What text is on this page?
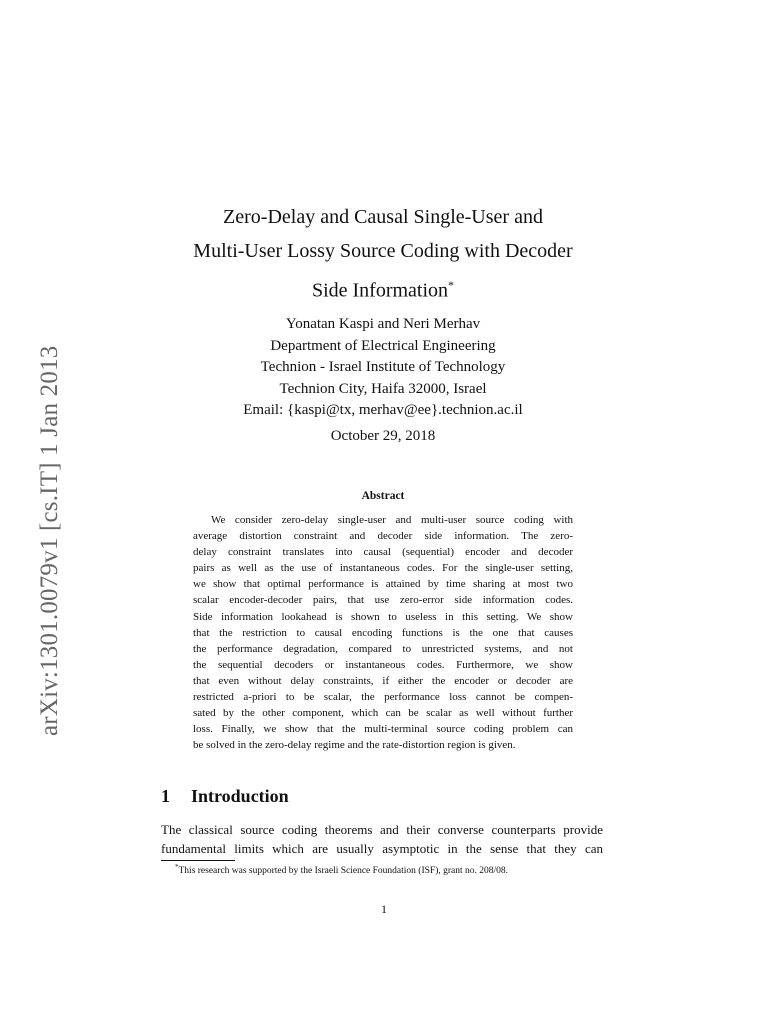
arXiv:1301.0079v1 [cs.IT] 1 Jan 2013
Zero-Delay and Causal Single-User and
Multi-User Lossy Source Coding with Decoder
Side Information*
Yonatan Kaspi and Neri Merhav
Department of Electrical Engineering
Technion - Israel Institute of Technology
Technion City, Haifa 32000, Israel
Email: {kaspi@tx, merhav@ee}.technion.ac.il
October 29, 2018
Abstract
We consider zero-delay single-user and multi-user source coding with
average distortion constraint and decoder side information. The zero-
delay constraint translates into causal (sequential) encoder and decoder
pairs as well as the use of instantaneous codes. For the single-user setting,
we show that optimal performance is attained by time sharing at most two
scalar encoder-decoder pairs, that use zero-error side information codes.
Side information lookahead is shown to useless in this setting. We show
that the restriction to causal encoding functions is the one that causes
the performance degradation, compared to unrestricted systems, and not
the sequential decoders or instantaneous codes. Furthermore, we show
that even without delay constraints, if either the encoder or decoder are
restricted a-priori to be scalar, the performance loss cannot be compen-
sated by the other component, which can be scalar as well without further
loss. Finally, we show that the multi-terminal source coding problem can
be solved in the zero-delay regime and the rate-distortion region is given.
1 Introduction
The classical source coding theorems and their converse counterparts provide
fundamental limits which are usually asymptotic in the sense that they can
*This research was supported by the Israeli Science Foundation (ISF), grant no. 208/08.
1
